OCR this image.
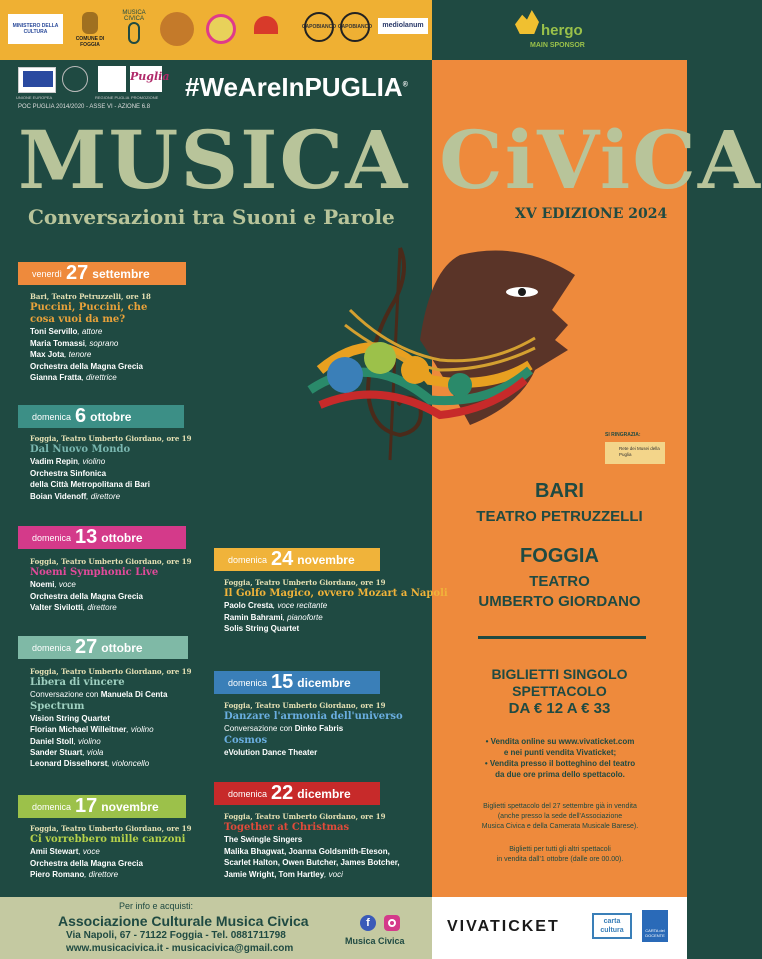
MINISTERO DELLA CULTURA
COMUNE DI FOGGIA
MUSICA CIVICA
CAPOBIANCO CAPOBIANCO	mediolanum	hergo
MAIN SPONSOR
UNIONE EUROPEA	REGIONE PUGLIA
Puglia
PROMOZIONE
POC PUGLIA 2014/2020 - ASSE VI - AZIONE 6.8
#WeAreInPUGLIA®
MUSICA CiViCA
Conversazioni tra Suoni e Parole	XV EDIZIONE 2024
SI RINGRAZIA:
Rete dei Musei della Puglia
BARI
TEATRO PETRUZZELLI
FOGGIA
TEATRO
UMBERTO GIORDANO
BIGLIETTI SINGOLO
SPETTACOLO
DA € 12 A € 33
• Vendita online su www.vivaticket.com
e nei punti vendita Vivaticket;
• Vendita presso il botteghino del teatro
da due ore prima dello spettacolo.
Biglietti spettacolo del 27 settembre già in vendita
(anche presso la sede dell'Associazione
Musica Civica e della Camerata Musicale Barese).
Biglietti per tutti gli altri spettacoli
in vendita dall'1 ottobre (dalle ore 00.00).
venerdì 27 settembre
Bari, Teatro Petruzzelli, ore 18
Puccini, Puccini, che cosa vuoi da me?
Toni Servillo, attore
Maria Tomassi, soprano
Max Jota, tenore
Orchestra della Magna Grecia
Gianna Fratta, direttrice
domenica 6 ottobre
Foggia, Teatro Umberto Giordano, ore 19
Dal Nuovo Mondo
Vadim Repin, violino
Orchestra Sinfonica
della Città Metropolitana di Bari
Boian Videnoff, direttore
domenica 13 ottobre
Foggia, Teatro Umberto Giordano, ore 19
Noemi Symphonic Live
Noemi, voce
Orchestra della Magna Grecia
Valter Sivilotti, direttore
domenica 27 ottobre
Foggia, Teatro Umberto Giordano, ore 19
Libera di vincere
Conversazione con Manuela Di Centa
Spectrum
Vision String Quartet
Florian Michael Willeitner, violino
Daniel Stoll, violino
Sander Stuart, viola
Leonard Disselhorst, violoncello
domenica 17 novembre
Foggia, Teatro Umberto Giordano, ore 19
Ci vorrebbero mille canzoni
Amii Stewart, voce
Orchestra della Magna Grecia
Piero Romano, direttore
domenica 24 novembre
Foggia, Teatro Umberto Giordano, ore 19
Il Golfo Magico, ovvero Mozart a Napoli
Paolo Cresta, voce recitante
Ramin Bahrami, pianoforte
Solis String Quartet
domenica 15 dicembre
Foggia, Teatro Umberto Giordano, ore 19
Danzare l'armonia dell'universo
Conversazione con Dinko Fabris
Cosmos
eVolution Dance Theater
domenica 22 dicembre
Foggia, Teatro Umberto Giordano, ore 19
Together at Christmas
The Swingle Singers
Malika Bhagwat, Joanna Goldsmith-Eteson,
Scarlet Halton, Owen Butcher, James Botcher,
Jamie Wright, Tom Hartley, voci
Per info e acquisti:
Associazione Culturale Musica Civica
Via Napoli, 67 - 71122 Foggia - Tel. 0881711798
www.musicacivica.it - musicacivica@gmail.com
f
Musica Civica
VIVATICKET	carta cultura	CARTA del DOCENTE
